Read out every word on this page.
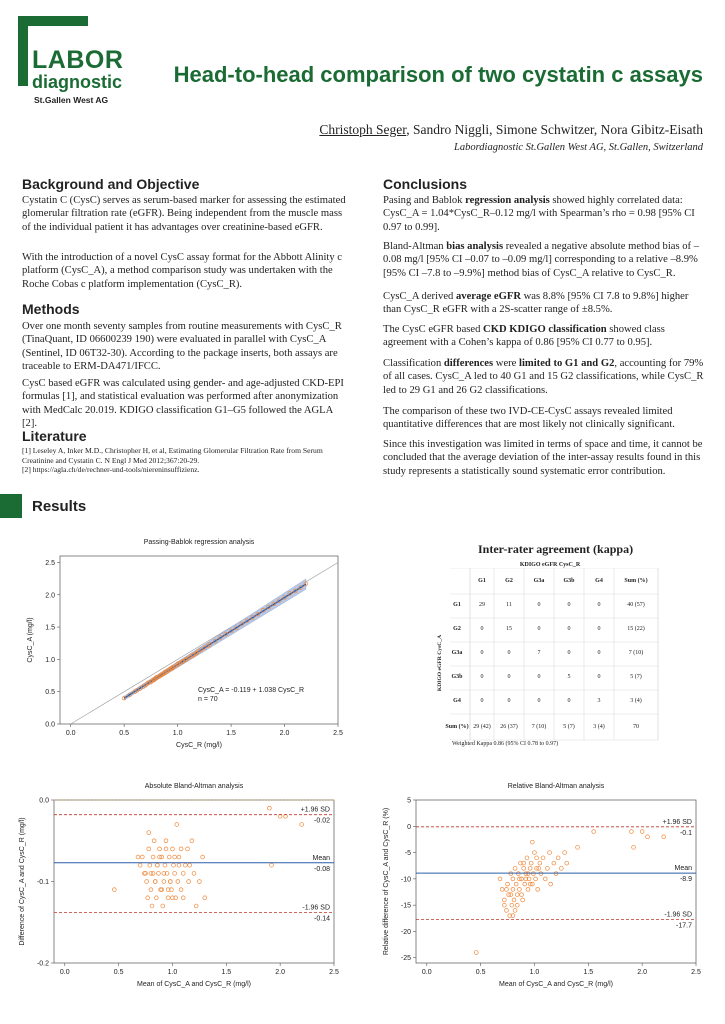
LABOR
diagnostic
St.Gallen West AG
Head-to-head comparison of two cystatin c assays
Christoph Seger, Sandro Niggli, Simone Schwitzer, Nora Gibitz-Eisath
Labordiagnostic St.Gallen West AG, St.Gallen, Switzerland
Background and Objective
Cystatin C (CysC) serves as serum-based marker for assessing the estimated glomerular filtration rate (eGFR). Being independent from the muscle mass of the individual patient it has advantages over creatinine-based eGFR.
With the introduction of a novel CysC assay format for the Abbott Alinity c platform (CysC_A), a method comparison study was undertaken with the Roche Cobas c platform implementation (CysC_R).
Methods
Over one month seventy samples from routine measurements with CysC_R (TinaQuant, ID 06600239 190) were evaluated in parallel with CysC_A (Sentinel, ID 06T32-30). According to the package inserts, both assays are traceable to ERM-DA471/IFCC.
CysC based eGFR was calculated using gender- and age-adjusted CKD-EPI formulas [1], and statistical evaluation was performed after anonymization with MedCalc 20.019. KDIGO classification G1–G5 followed the AGLA [2].
Literature
[1] Leseley A, Inker M.D., Christopher H, et al, Estimating Glomerular Filtration Rate from Serum Creatinine and Cystatin C. N Engl J Med 2012;367:20-29.
[2] https://agla.ch/de/rechner-und-tools/niereninsuffizienz.
Conclusions
Pasing and Bablok regression analysis showed highly correlated data: CysC_A = 1.04*CysC_R–0.12 mg/l with Spearman’s rho = 0.98 [95% CI 0.97 to 0.99].
Bland-Altman bias analysis revealed a negative absolute method bias of –0.08 mg/l [95% CI –0.07 to –0.09 mg/l] corresponding to a relative –8.9% [95% CI –7.8 to –9.9%] method bias of CysC_A relative to CysC_R.
CysC_A derived average eGFR was 8.8% [95% CI 7.8 to 9.8%] higher than CysC_R eGFR with a 2S-scatter range of ±8.5%.
The CysC eGFR based CKD KDIGO classification showed class agreement with a Cohen’s kappa of 0.86 [95% CI 0.77 to 0.95].
Classification differences were limited to G1 and G2, accounting for 79% of all cases. CysC_A led to 40 G1 and 15 G2 classifications, while CysC_R led to 29 G1 and 26 G2 classifications.
The comparison of these two IVD-CE-CysC assays revealed limited quantitative differences that are most likely not clinically significant.
Since this investigation was limited in terms of space and time, it cannot be concluded that the average deviation of the inter-assay results found in this study represents a statistically sound systematic error contribution.
Results
Passing-Bablok regression analysis
0.0	0.5	1.0	1.5	2.0	2.5
0.0
0.5
1.0
1.5
2.0
2.5
CysC_R (mg/l)
CysC_A (mg/l)
CysC_A = -0.119 + 1.038 CysC_R
n = 70
Inter-rater agreement (kappa)
KDIGO eGFR CysC_R
KDIGO eGFR CysC_A
G1	G2	G3a	G3b	G4	Sum (%)
G1	29	11	0	0	0	40 (57)
G2	0	15	0	0	0	15 (22)
G3a	0	0	7	0	0	7 (10)
G3b	0	0	0	5	0	5 (7)
G4	0	0	0	0	3	3 (4)
Sum (%) 29 (42)	26 (37)	7 (10)	5 (7)	3 (4)	70
Weighted Kappa 0.86 (95% CI 0.78 to 0.97)
Absolute Bland-Altman analysis
0.0	0.5	1.0	1.5	2.0	2.5
0.0
-0.1
-0.2
Mean of CysC_A and CysC_R (mg/l)
Difference of CysC_A and CysC_R (mg/l)
+1.96 SD
-0.02
Mean
-0.08
-1.96 SD
-0.14
Relative Bland-Altman analysis
0.0	0.5	1.0	1.5	2.0	2.5
5
0
-5
-10
-15
-20
-25
Mean of CysC_A and CysC_R (mg/l)
Relative difference of CysC_A and CysC_R (%)	+1.96 SD
-0.1
Mean
-8.9
-1.96 SD
-17.7
